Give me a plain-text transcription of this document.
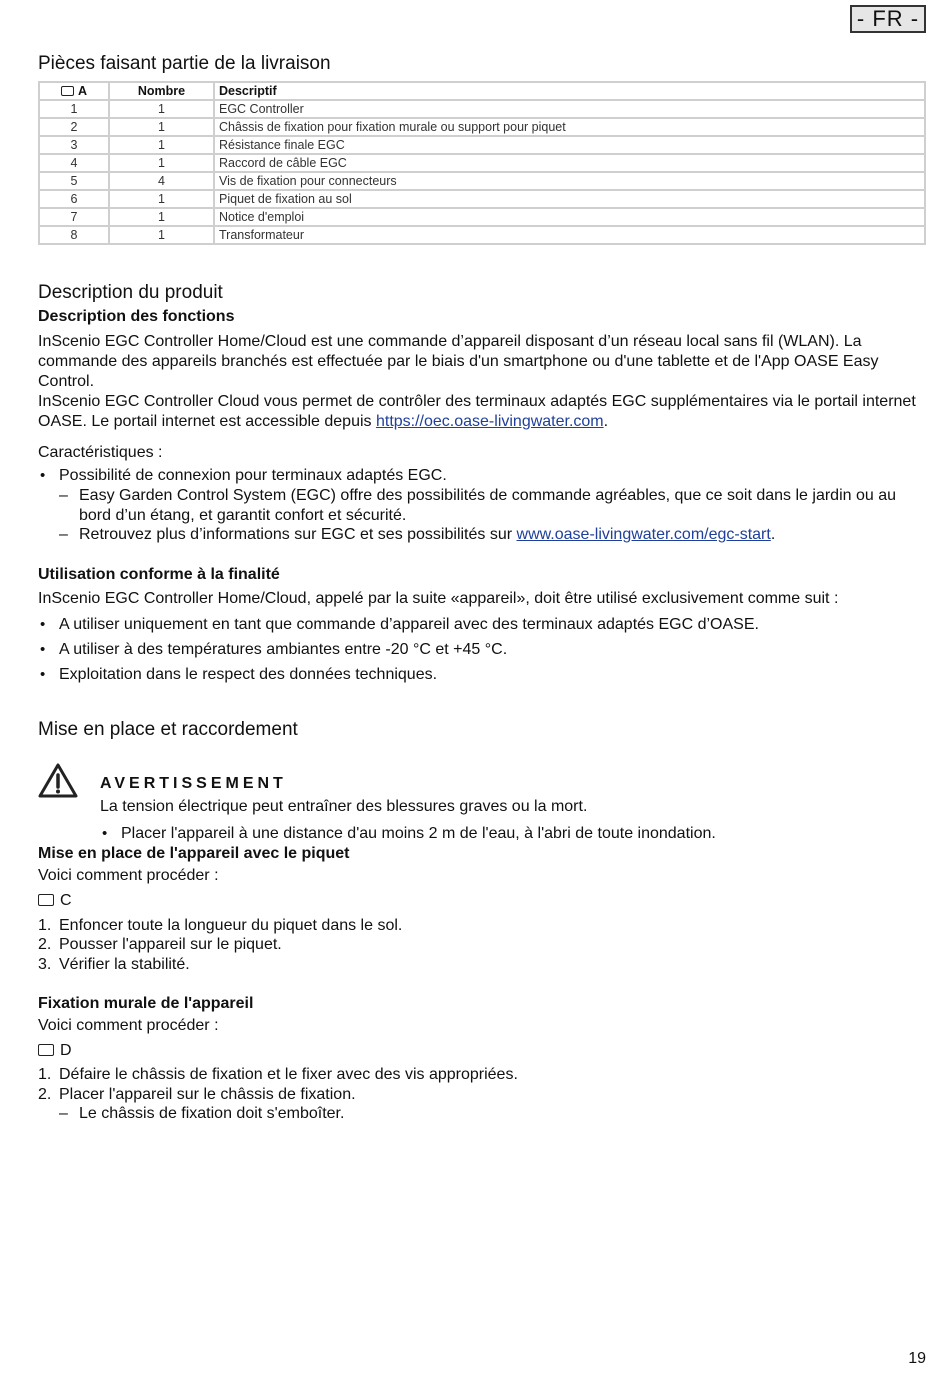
- FR -
Pièces faisant partie de la livraison
A	Nombre	Descriptif
1	1	EGC Controller
2	1	Châssis de fixation pour fixation murale ou support pour piquet
3	1	Résistance finale EGC
4	1	Raccord de câble EGC
5	4	Vis de fixation pour connecteurs
6	1	Piquet de fixation au sol
7	1	Notice d'emploi
8	1	Transformateur
Description du produit
Description des fonctions

InScenio EGC Controller Home/Cloud est une commande d’appareil disposant d’un réseau local sans fil (WLAN). La commande des appareils branchés est effectuée par le biais d'un smartphone ou d'une tablette et de l'App OASE Easy Control.

InScenio EGC Controller Cloud vous permet de contrôler des terminaux adaptés EGC supplémentaires via le portail internet OASE. Le portail internet est accessible depuis https://oec.oase-livingwater.com.

Caractéristiques :

• Possibilité de connexion pour terminaux adaptés EGC.
– Easy Garden Control System (EGC) offre des possibilités de commande agréables, que ce soit dans le jardin ou au bord d’un étang, et garantit confort et sécurité.
– Retrouvez plus d’informations sur EGC et ses possibilités sur www.oase-livingwater.com/egc-start.
Utilisation conforme à la finalité

InScenio EGC Controller Home/Cloud, appelé par la suite «appareil», doit être utilisé exclusivement comme suit :

• A utiliser uniquement en tant que commande d’appareil avec des terminaux adaptés EGC d’OASE.
• A utiliser à des températures ambiantes entre -20 °C et +45 °C.
• Exploitation dans le respect des données techniques.
Mise en place et raccordement
AVERTISSEMENT

La tension électrique peut entraîner des blessures graves ou la mort.

• Placer l'appareil à une distance d'au moins 2 m de l'eau, à l'abri de toute inondation.
Mise en place de l'appareil avec le piquet

Voici comment procéder :

C

1. Enfoncer toute la longueur du piquet dans le sol.
2. Pousser l'appareil sur le piquet.
3. Vérifier la stabilité.
Fixation murale de l'appareil

Voici comment procéder :

D

1. Défaire le châssis de fixation et le fixer avec des vis appropriées.
2. Placer l'appareil sur le châssis de fixation.
– Le châssis de fixation doit s'emboîter.
19
